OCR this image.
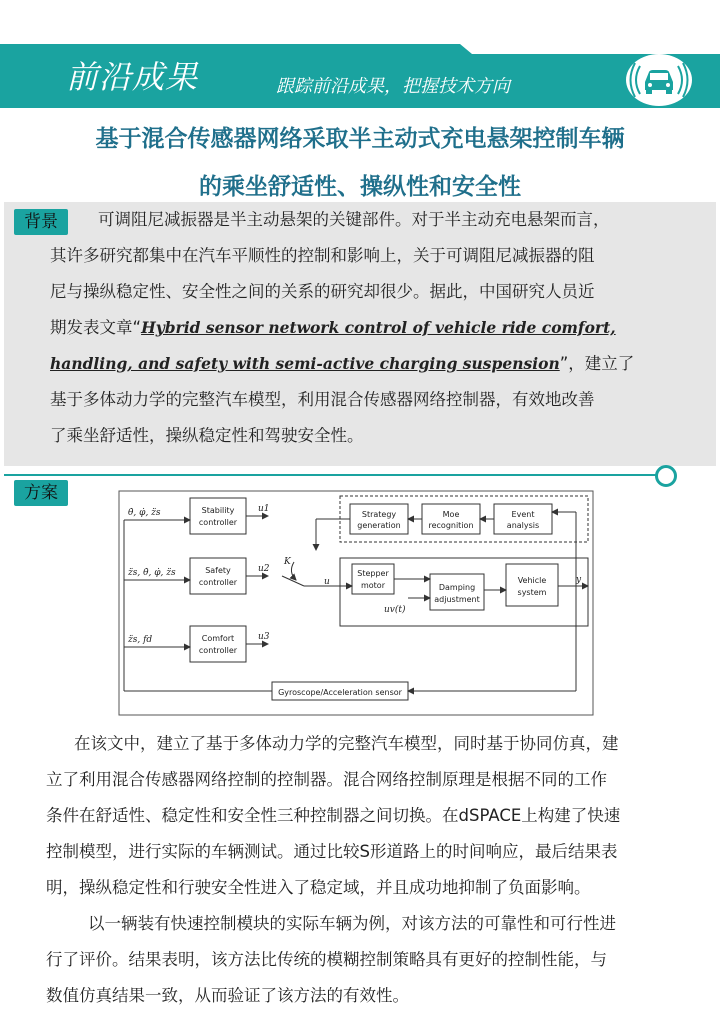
前沿成果	跟踪前沿成果，把握技术方向
基于混合传感器网络采取半主动式充电悬架控制车辆
的乘坐舒适性、操纵性和安全性
背景	可调阻尼减振器是半主动悬架的关键部件。对于半主动充电悬架而言，
其许多研究都集中在汽车平顺性的控制和影响上，关于可调阻尼减振器的阻
尼与操纵稳定性、安全性之间的关系的研究却很少。据此，中国研究人员近
期发表文章“Hybrid sensor network control of vehicle ride comfort,
handling, and safety with semi-active charging suspension”，建立了
基于多体动力学的完整汽车模型，利用混合传感器网络控制器，有效地改善
了乘坐舒适性，操纵稳定性和驾驶安全性。
方案
Stability
controller
Safety
controller
Comfort
controller
Strategy
generation
Moe
recognition
Event
analysis
Stepper
motor	Damping
adjustment
Vehicle
system
Gyroscope/Acceleration sensor
θ̇, φ̇, z̈s
z̈s, θ̇, φ̇, z̈s
z̈s, fd
u1
u2
u3
K
u
uv(t)
y
在该文中，建立了基于多体动力学的完整汽车模型，同时基于协同仿真，建
立了利用混合传感器网络控制的控制器。混合网络控制原理是根据不同的工作
条件在舒适性、稳定性和安全性三种控制器之间切换。在dSPACE上构建了快速
控制模型，进行实际的车辆测试。通过比较S形道路上的时间响应，最后结果表
明，操纵稳定性和行驶安全性进入了稳定域，并且成功地抑制了负面影响。
以一辆装有快速控制模块的实际车辆为例，对该方法的可靠性和可行性进
行了评价。结果表明，该方法比传统的模糊控制策略具有更好的控制性能，与
数值仿真结果一致，从而验证了该方法的有效性。
